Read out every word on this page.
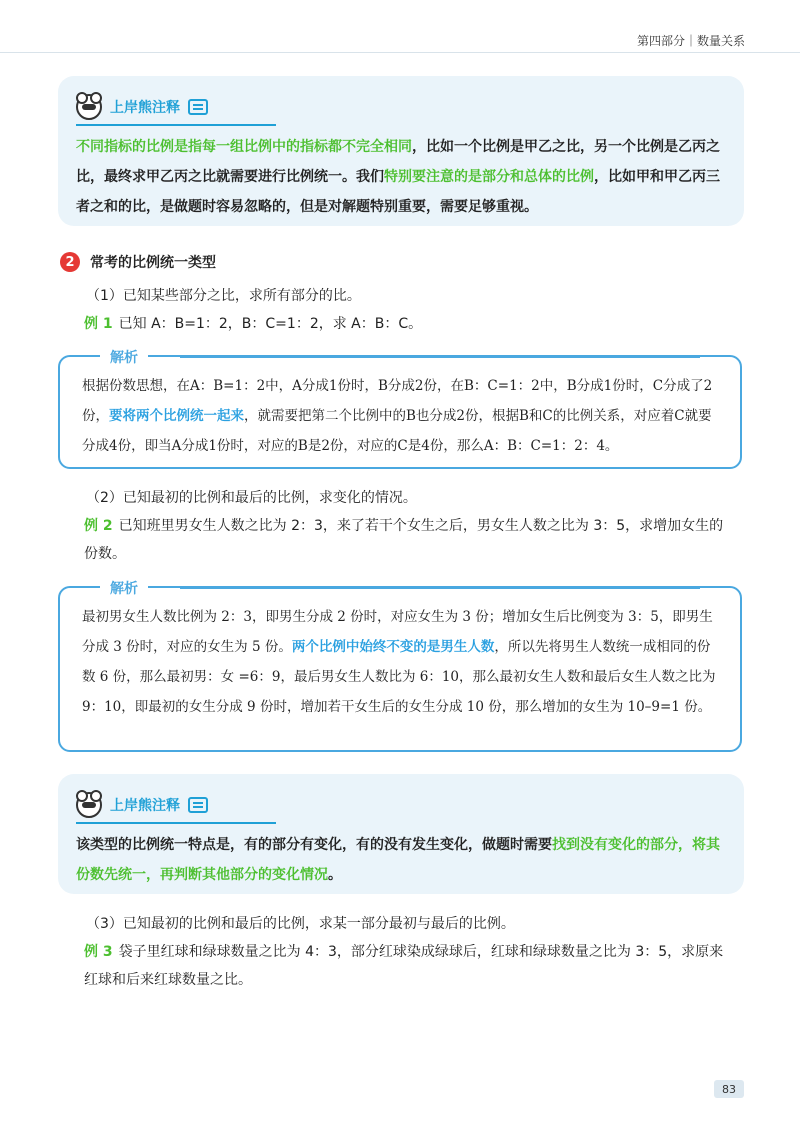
第四部分｜数量关系
上岸熊注释
不同指标的比例是指每一组比例中的指标都不完全相同，比如一个比例是甲乙之比，另一个比例是乙丙之比，最终求甲乙丙之比就需要进行比例统一。我们特别要注意的是部分和总体的比例，比如甲和甲乙丙三者之和的比，是做题时容易忽略的，但是对解题特别重要，需要足够重视。
2	常考的比例统一类型
（1）已知某些部分之比，求所有部分的比。
例 1 已知 A：B=1：2，B：C=1：2，求 A：B：C。
解析
根据份数思想，在A：B=1：2中，A分成1份时，B分成2份，在B：C=1：2中，B分成1份时，C分成了2份，要将两个比例统一起来，就需要把第二个比例中的B也分成2份，根据B和C的比例关系，对应着C就要分成4份，即当A分成1份时，对应的B是2份，对应的C是4份，那么A：B：C=1：2：4。
（2）已知最初的比例和最后的比例，求变化的情况。
例 2 已知班里男女生人数之比为 2：3，来了若干个女生之后，男女生人数之比为 3：5，求增加女生的份数。
解析
最初男女生人数比例为 2：3，即男生分成 2 份时，对应女生为 3 份；增加女生后比例变为 3：5，即男生分成 3 份时，对应的女生为 5 份。两个比例中始终不变的是男生人数，所以先将男生人数统一成相同的份数 6 份，那么最初男：女 =6：9，最后男女生人数比为 6：10，那么最初女生人数和最后女生人数之比为 9：10，即最初的女生分成 9 份时，增加若干女生后的女生分成 10 份，那么增加的女生为 10–9=1 份。
上岸熊注释
该类型的比例统一特点是，有的部分有变化，有的没有发生变化，做题时需要找到没有变化的部分，将其份数先统一，再判断其他部分的变化情况。
（3）已知最初的比例和最后的比例，求某一部分最初与最后的比例。
例 3 袋子里红球和绿球数量之比为 4：3，部分红球染成绿球后，红球和绿球数量之比为 3：5，求原来红球和后来红球数量之比。
83
